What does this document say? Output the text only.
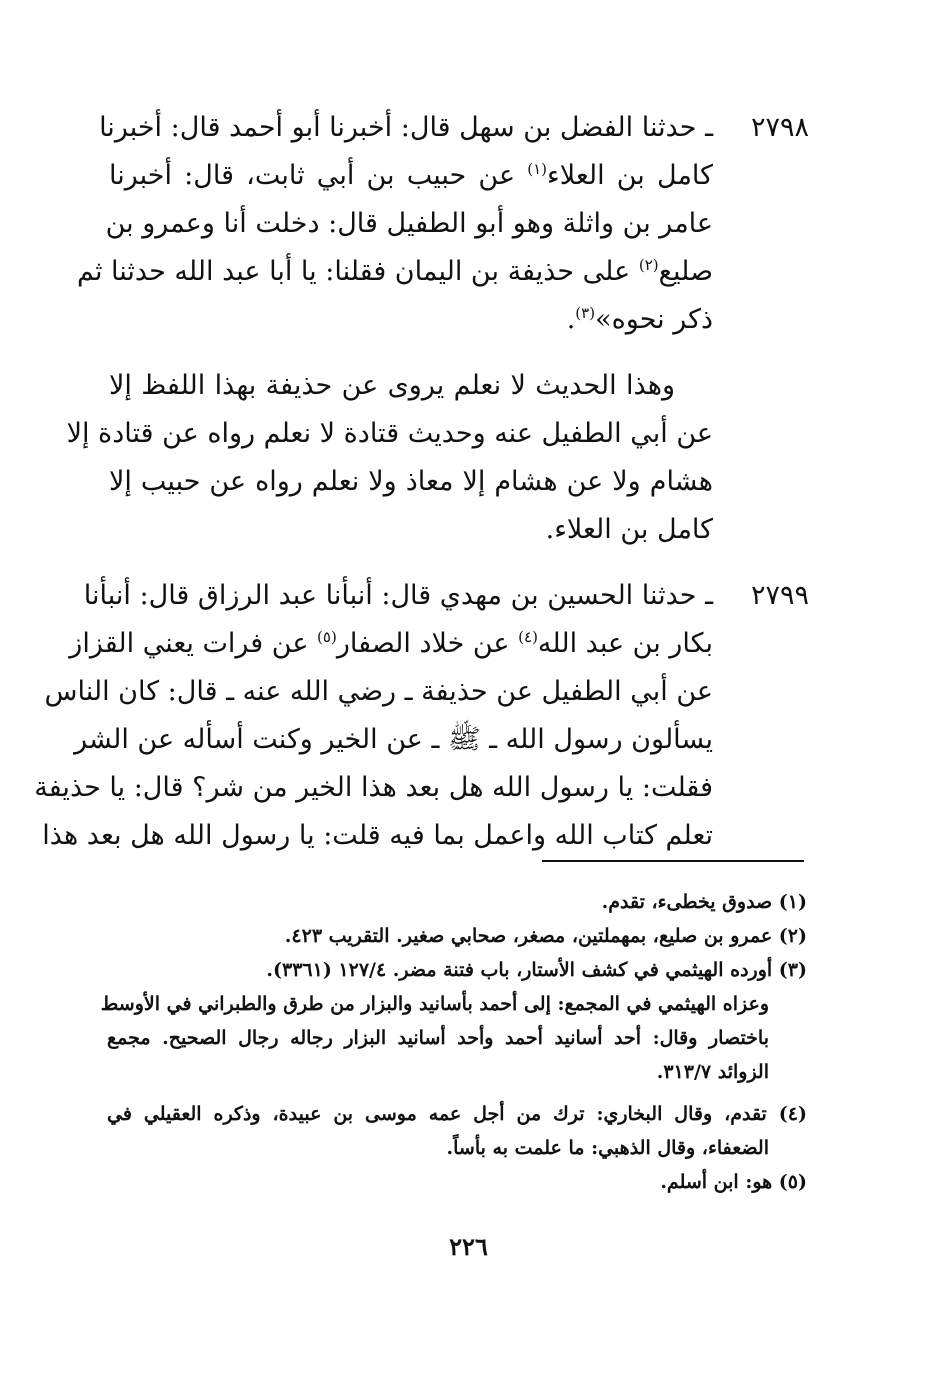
٢٧٩٨ـ حدثنا الفضل بن سهل قال: أخبرنا أبو أحمد قال: أخبرنا
كامل بن العلاء$^{(١)}$ عن حبيب بن أبي ثابت، قال: أخبرنا
عامر بن واثلة وهو أبو الطفيل قال: دخلت أنا وعمرو بن
صليع$^{(٢)}$ على حذيفة بن اليمان فقلنا: يا أبا عبد الله حدثنا ثم
ذكر نحوه»$^{(٣)}$.
وهذا الحديث لا نعلم يروى عن حذيفة بهذا اللفظ إلا
عن أبي الطفيل عنه وحديث قتادة لا نعلم رواه عن قتادة إلا
هشام ولا عن هشام إلا معاذ ولا نعلم رواه عن حبيب إلا
كامل بن العلاء.
٢٧٩٩ـ حدثنا الحسين بن مهدي قال: أنبأنا عبد الرزاق قال: أنبأنا
بكار بن عبد الله$^{(٤)}$ عن خلاد الصفار$^{(٥)}$ عن فرات يعني القزاز
عن أبي الطفيل عن حذيفة ـ رضي الله عنه ـ قال: كان الناس
يسألون رسول الله ـ ﷺ ـ عن الخير وكنت أسأله عن الشر
فقلت: يا رسول الله هل بعد هذا الخير من شر؟ قال: يا حذيفة
تعلم كتاب الله واعمل بما فيه قلت: يا رسول الله هل بعد هذا
(١) صدوق يخطىء، تقدم.
(٢) عمرو بن صليع، بمهملتين، مصغر، صحابي صغير. التقريب ٤٢٣.
(٣) أورده الهيثمي في كشف الأستار، باب فتنة مضر. ١٢٧/٤ (٣٣٦١).
وعزاه الهيثمي في المجمع: إلى أحمد بأسانيد والبزار من طرق والطبراني في الأوسط
باختصار وقال: أحد أسانيد أحمد وأحد أسانيد البزار رجاله رجال الصحيح. مجمع
الزوائد ٣١٣/٧.
(٤) تقدم، وقال البخاري: ترك من أجل عمه موسى بن عبيدة، وذكره العقيلي في
الضعفاء، وقال الذهبي: ما علمت به بأساً.
(٥) هو: ابن أسلم.
٢٢٦
